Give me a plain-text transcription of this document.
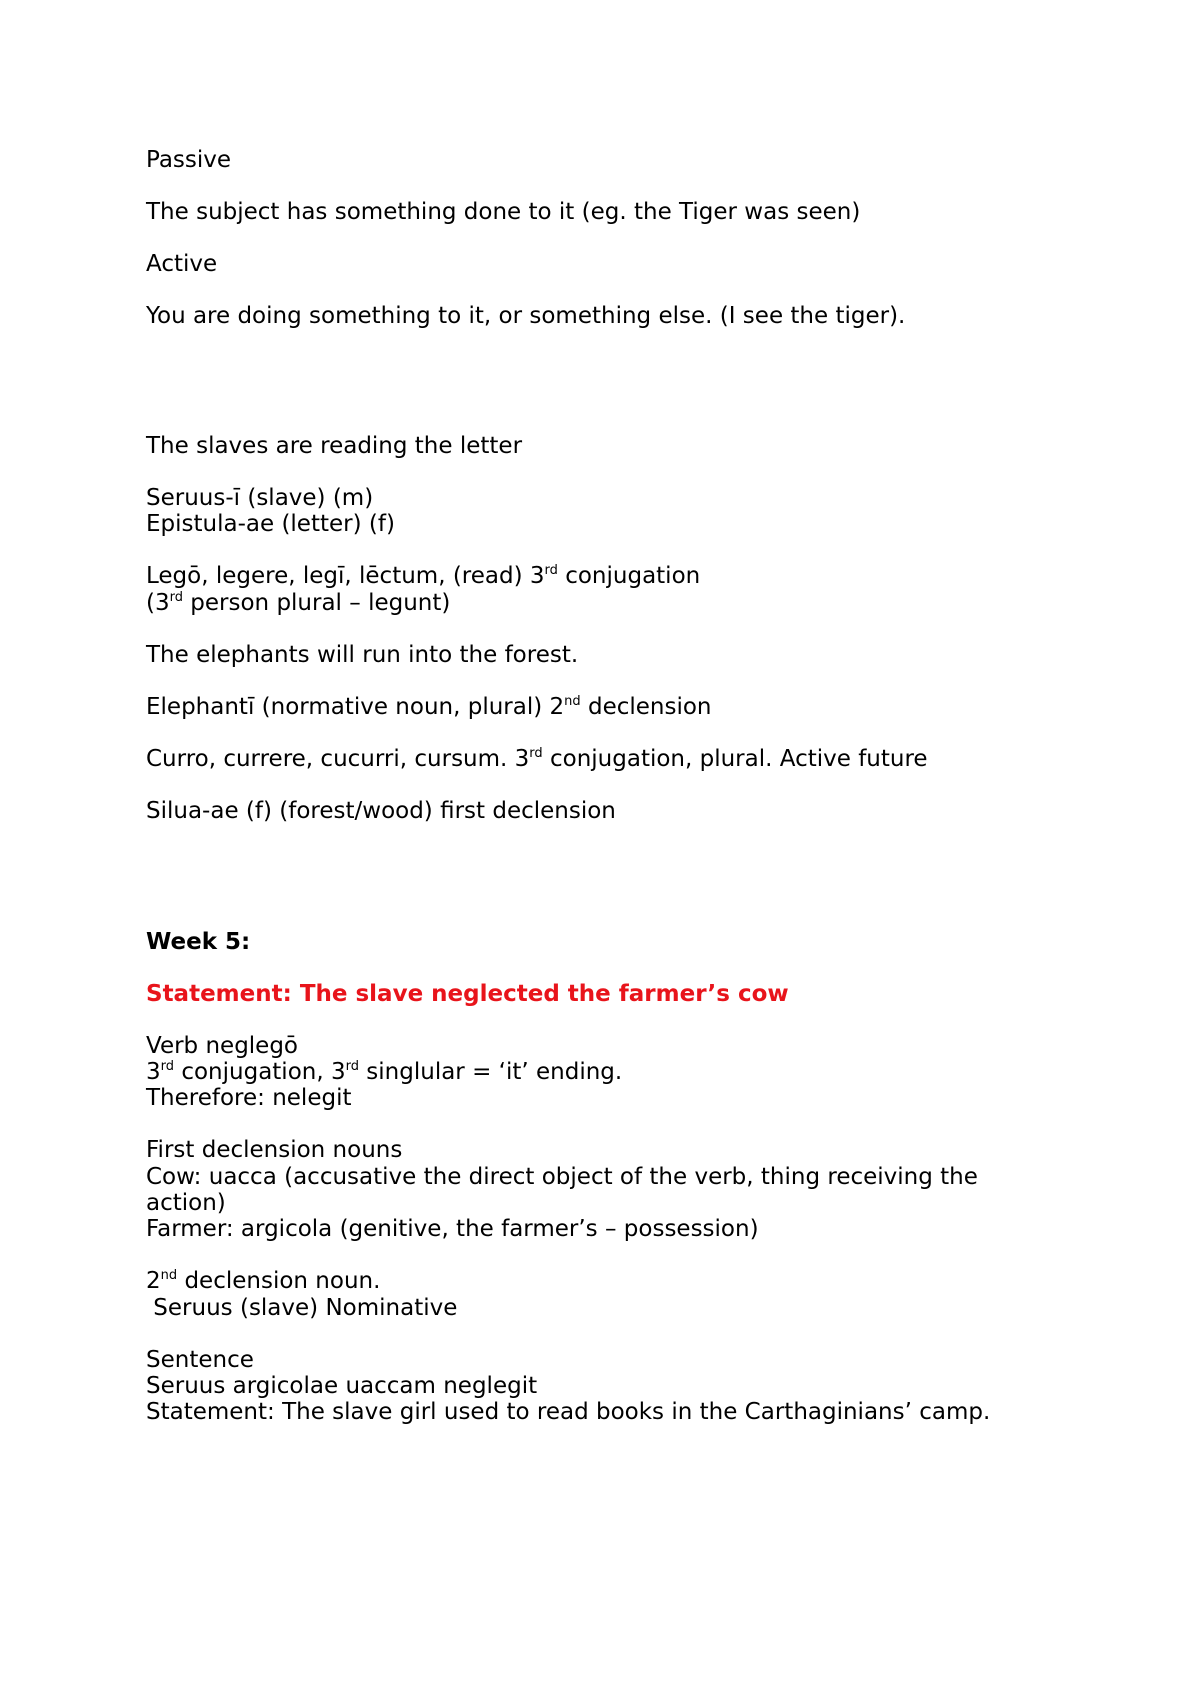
Passive
The subject has something done to it (eg. the Tiger was seen)
Active
You are doing something to it, or something else. (I see the tiger).
The slaves are reading the letter
Seruus-ī (slave) (m)
Epistula-ae (letter) (f)
Legō, legere, legī, lēctum, (read) 3rd conjugation
(3rd person plural – legunt)
The elephants will run into the forest.
Elephantī (normative noun, plural) 2nd declension
Curro, currere, cucurri, cursum. 3rd conjugation, plural. Active future
Silua-ae (f) (forest/wood) first declension
Week 5:
Statement: The slave neglected the farmer’s cow
Verb neglegō
3rd conjugation, 3rd singlular = ‘it’ ending.
Therefore: nelegit
First declension nouns
Cow: uacca (accusative the direct object of the verb, thing receiving the
action)
Farmer: argicola (genitive, the farmer’s – possession)
2nd declension noun.
Seruus (slave) Nominative
Sentence
Seruus argicolae uaccam neglegit
Statement: The slave girl used to read books in the Carthaginians’ camp.
